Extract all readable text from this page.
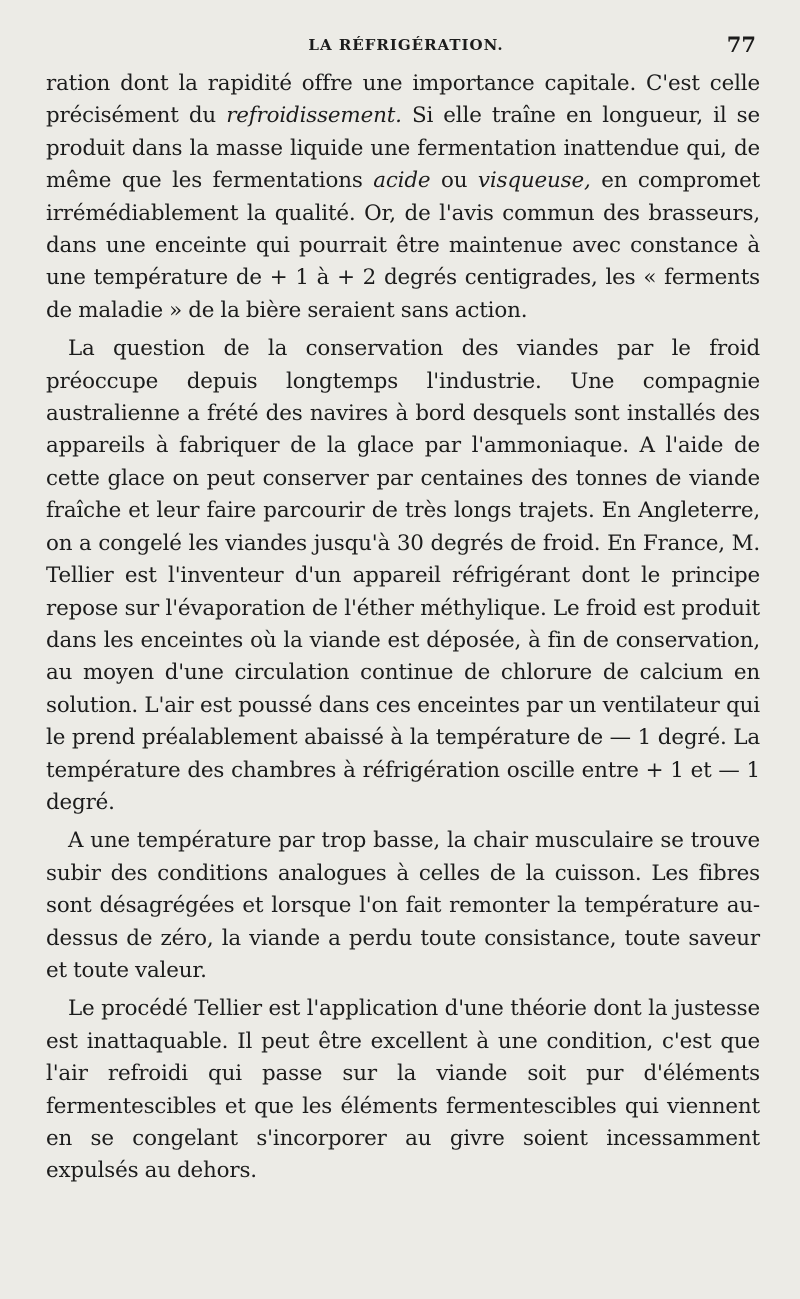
LA RÉFRIGÉRATION.	77

ration dont la rapidité offre une importance capitale. C'est celle précisément du refroidissement. Si elle traîne en longueur, il se produit dans la masse liquide une fermentation inattendue qui, de même que les fermentations acide ou visqueuse, en compromet irrémédiablement la qualité. Or, de l'avis commun des brasseurs, dans une enceinte qui pourrait être maintenue avec constance à une température de + 1 à + 2 degrés centigrades, les « ferments de maladie » de la bière seraient sans action.

La question de la conservation des viandes par le froid préoccupe depuis longtemps l'industrie. Une compagnie australienne a frété des navires à bord desquels sont installés des appareils à fabriquer de la glace par l'ammoniaque. A l'aide de cette glace on peut conserver par centaines des tonnes de viande fraîche et leur faire parcourir de très longs trajets. En Angleterre, on a congelé les viandes jusqu'à 30 degrés de froid. En France, M. Tellier est l'inventeur d'un appareil réfrigérant dont le principe repose sur l'évaporation de l'éther méthylique. Le froid est produit dans les enceintes où la viande est déposée, à fin de conservation, au moyen d'une circulation continue de chlorure de calcium en solution. L'air est poussé dans ces enceintes par un ventilateur qui le prend préalablement abaissé à la température de — 1 degré. La température des chambres à réfrigération oscille entre + 1 et — 1 degré.

A une température par trop basse, la chair musculaire se trouve subir des conditions analogues à celles de la cuisson. Les fibres sont désagrégées et lorsque l'on fait remonter la température au-dessus de zéro, la viande a perdu toute consistance, toute saveur et toute valeur.

Le procédé Tellier est l'application d'une théorie dont la justesse est inattaquable. Il peut être excellent à une condition, c'est que l'air refroidi qui passe sur la viande soit pur d'éléments fermentescibles et que les éléments fermentescibles qui viennent en se congelant s'incorporer au givre soient incessamment expulsés au dehors.
